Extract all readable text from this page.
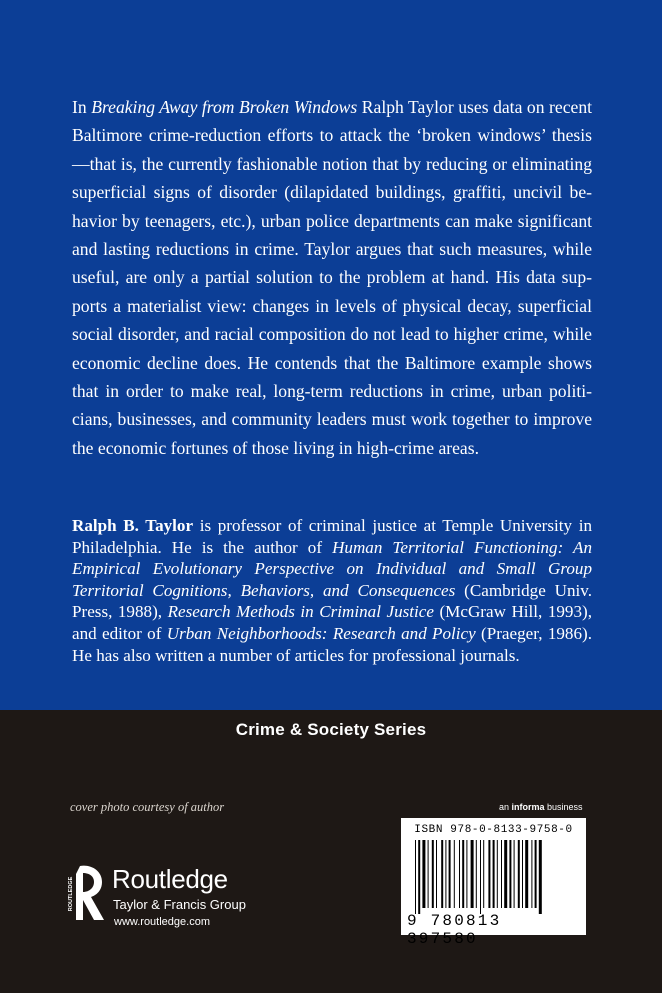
In Breaking Away from Broken Windows Ralph Taylor uses data on recent Baltimore crime-reduction efforts to attack the ‘broken windows’ thesis—that is, the currently fashionable notion that by reducing or eliminating superficial signs of disorder (dilapidated buildings, graffiti, uncivil be-havior by teenagers, etc.), urban police departments can make significant and lasting reductions in crime. Taylor argues that such measures, while useful, are only a partial solution to the problem at hand. His data sup-ports a materialist view: changes in levels of physical decay, superficial social disorder, and racial composition do not lead to higher crime, while economic decline does. He contends that the Baltimore example shows that in order to make real, long-term reductions in crime, urban politi-cians, businesses, and community leaders must work together to improve the economic fortunes of those living in high-crime areas.

Ralph B. Taylor is professor of criminal justice at Temple University in Philadelphia. He is the author of Human Territorial Functioning: An Empirical Evolutionary Perspective on Individual and Small Group Territorial Cognitions, Behaviors, and Consequences (Cambridge Univ. Press, 1988), Research Methods in Criminal Justice (McGraw Hill, 1993), and editor of Urban Neighborhoods: Research and Policy (Praeger, 1986). He has also written a number of articles for professional journals.

Crime & Society Series
cover photo courtesy of author	an informa business
ROUTLEDGE Routledge
Taylor & Francis Group
www.routledge.com
ISBN 978-0-8133-9758-0
9 780813 397580
